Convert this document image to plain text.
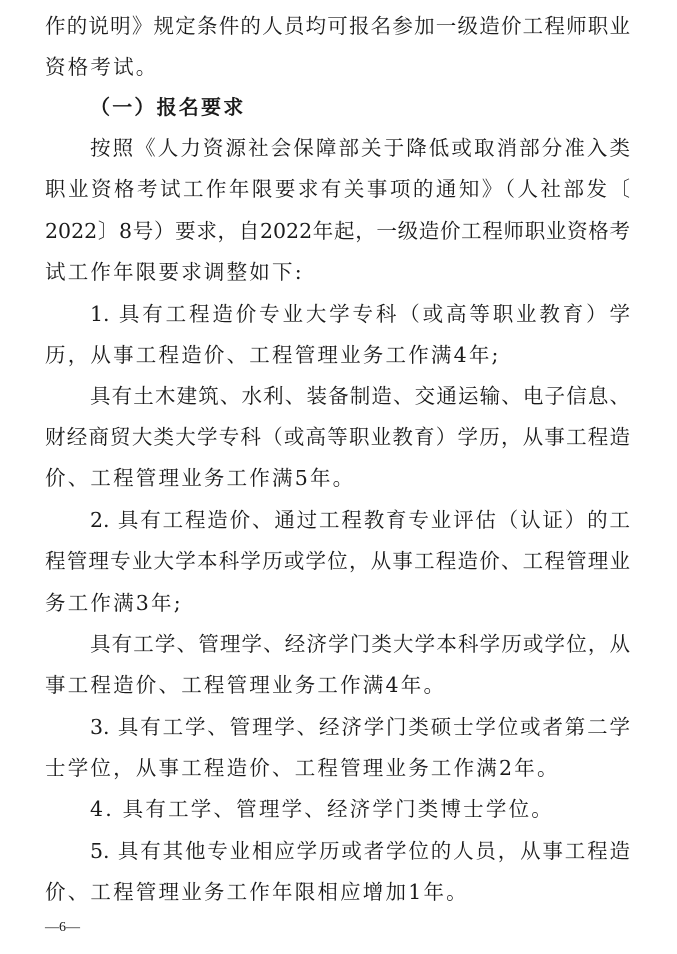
作的说明》规定条件的人员均可报名参加一级造价工程师职业
资格考试。
（一）报名要求
按照《人力资源社会保障部关于降低或取消部分准入类
职业资格考试工作年限要求有关事项的通知》（人社部发〔
2022〕8号）要求，自2022年起，一级造价工程师职业资格考
试工作年限要求调整如下:
1. 具有工程造价专业大学专科（或高等职业教育）学
历，从事工程造价、工程管理业务工作满4年;
具有土木建筑、水利、装备制造、交通运输、电子信息、
财经商贸大类大学专科（或高等职业教育）学历，从事工程造
价、工程管理业务工作满5年。
2. 具有工程造价、通过工程教育专业评估（认证）的工
程管理专业大学本科学历或学位，从事工程造价、工程管理业
务工作满3年;
具有工学、管理学、经济学门类大学本科学历或学位，从
事工程造价、工程管理业务工作满4年。
3. 具有工学、管理学、经济学门类硕士学位或者第二学
士学位，从事工程造价、工程管理业务工作满2年。
4. 具有工学、管理学、经济学门类博士学位。
5. 具有其他专业相应学历或者学位的人员，从事工程造
价、工程管理业务工作年限相应增加1年。
—6—
